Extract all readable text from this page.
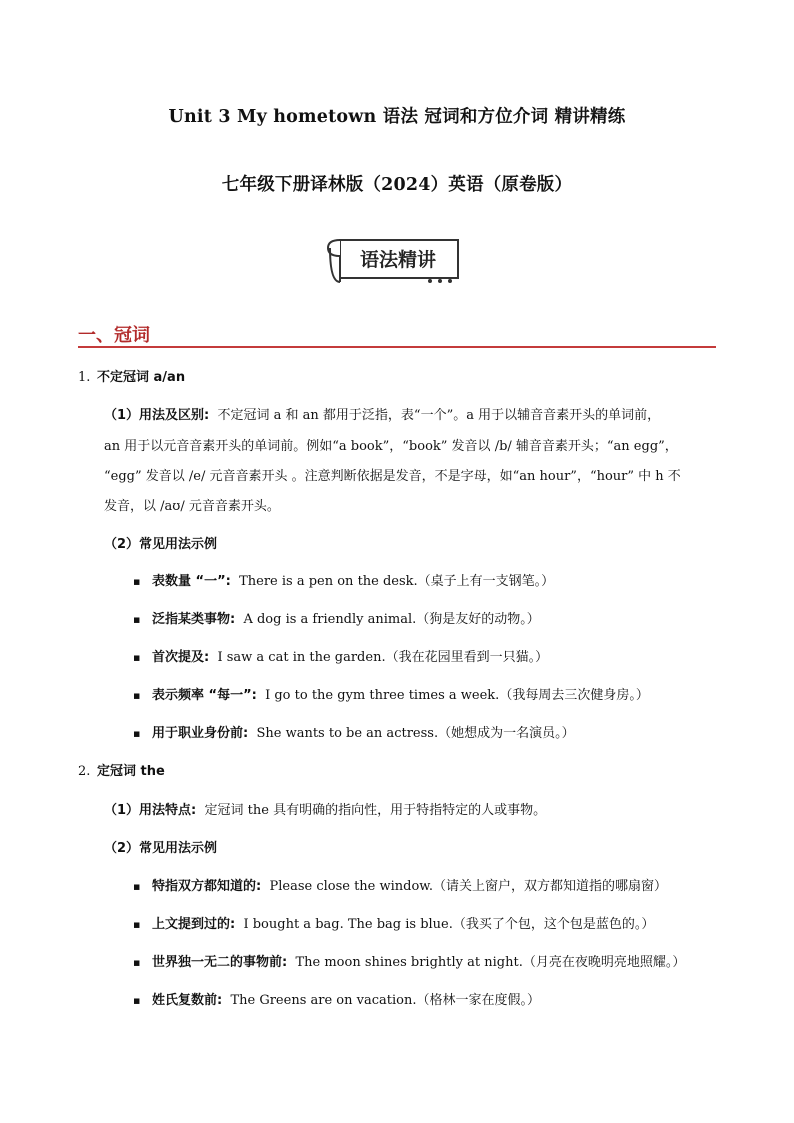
Unit 3 My hometown 语法 冠词和方位介词 精讲精练
七年级下册译林版（2024）英语（原卷版）
语法精讲
一、冠词
1. 不定冠词 a/an
（1）用法及区别: 不定冠词 a 和 an 都用于泛指，表“一个”。a 用于以辅音音素开头的单词前，
an 用于以元音音素开头的单词前。例如“a book”，“book” 发音以 /b/ 辅音音素开头；“an egg”，
“egg” 发音以 /e/ 元音音素开头 。注意判断依据是发音，不是字母，如“an hour”，“hour” 中 h 不
发音，以 /aʊ/ 元音音素开头。
（2）常见用法示例
▪ 表数量 “一”: There is a pen on the desk.（桌子上有一支钢笔。）
▪ 泛指某类事物: A dog is a friendly animal.（狗是友好的动物。）
▪ 首次提及: I saw a cat in the garden.（我在花园里看到一只猫。）
▪ 表示频率 “每一”: I go to the gym three times a week.（我每周去三次健身房。）
▪ 用于职业身份前: She wants to be an actress.（她想成为一名演员。）
2. 定冠词 the
（1）用法特点: 定冠词 the 具有明确的指向性，用于特指特定的人或事物。
（2）常见用法示例
▪ 特指双方都知道的: Please close the window.（请关上窗户，双方都知道指的哪扇窗）
▪ 上文提到过的: I bought a bag. The bag is blue.（我买了个包，这个包是蓝色的。）
▪ 世界独一无二的事物前: The moon shines brightly at night.（月亮在夜晚明亮地照耀。）
▪ 姓氏复数前: The Greens are on vacation.（格林一家在度假。）
